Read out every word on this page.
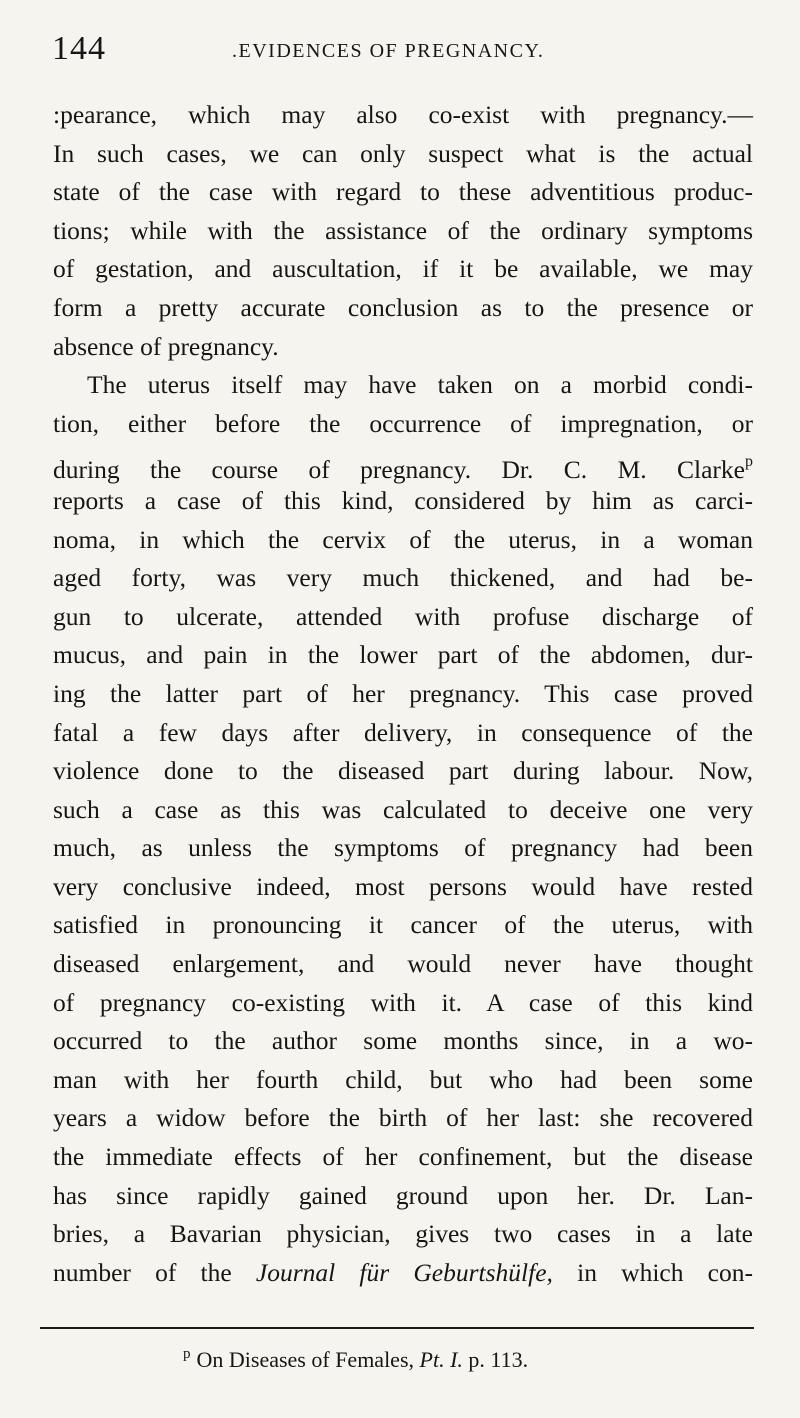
144	.EVIDENCES OF PREGNANCY.
:pearance, which may also co-exist with pregnancy.—
In such cases, we can only suspect what is the actual
state of the case with regard to these adventitious produc-
tions; while with the assistance of the ordinary symptoms
of gestation, and auscultation, if it be available, we may
form a pretty accurate conclusion as to the presence or
absence of pregnancy.
The uterus itself may have taken on a morbid condi-
tion, either before the occurrence of impregnation, or
during the course of pregnancy. Dr. C. M. Clarke$^p$
reports a case of this kind, considered by him as carci-
noma, in which the cervix of the uterus, in a woman
aged forty, was very much thickened, and had be-
gun to ulcerate, attended with profuse discharge of
mucus, and pain in the lower part of the abdomen, dur-
ing the latter part of her pregnancy. This case proved
fatal a few days after delivery, in consequence of the
violence done to the diseased part during labour. Now,
such a case as this was calculated to deceive one very
much, as unless the symptoms of pregnancy had been
very conclusive indeed, most persons would have rested
satisfied in pronouncing it cancer of the uterus, with
diseased enlargement, and would never have thought
of pregnancy co-existing with it. A case of this kind
occurred to the author some months since, in a wo-
man with her fourth child, but who had been some
years a widow before the birth of her last: she recovered
the immediate effects of her confinement, but the disease
has since rapidly gained ground upon her. Dr. Lan-
bries, a Bavarian physician, gives two cases in a late
number of the Journal für Geburtshülfe, in which con-
$^p$ On Diseases of Females, Pt. I. p. 113.
